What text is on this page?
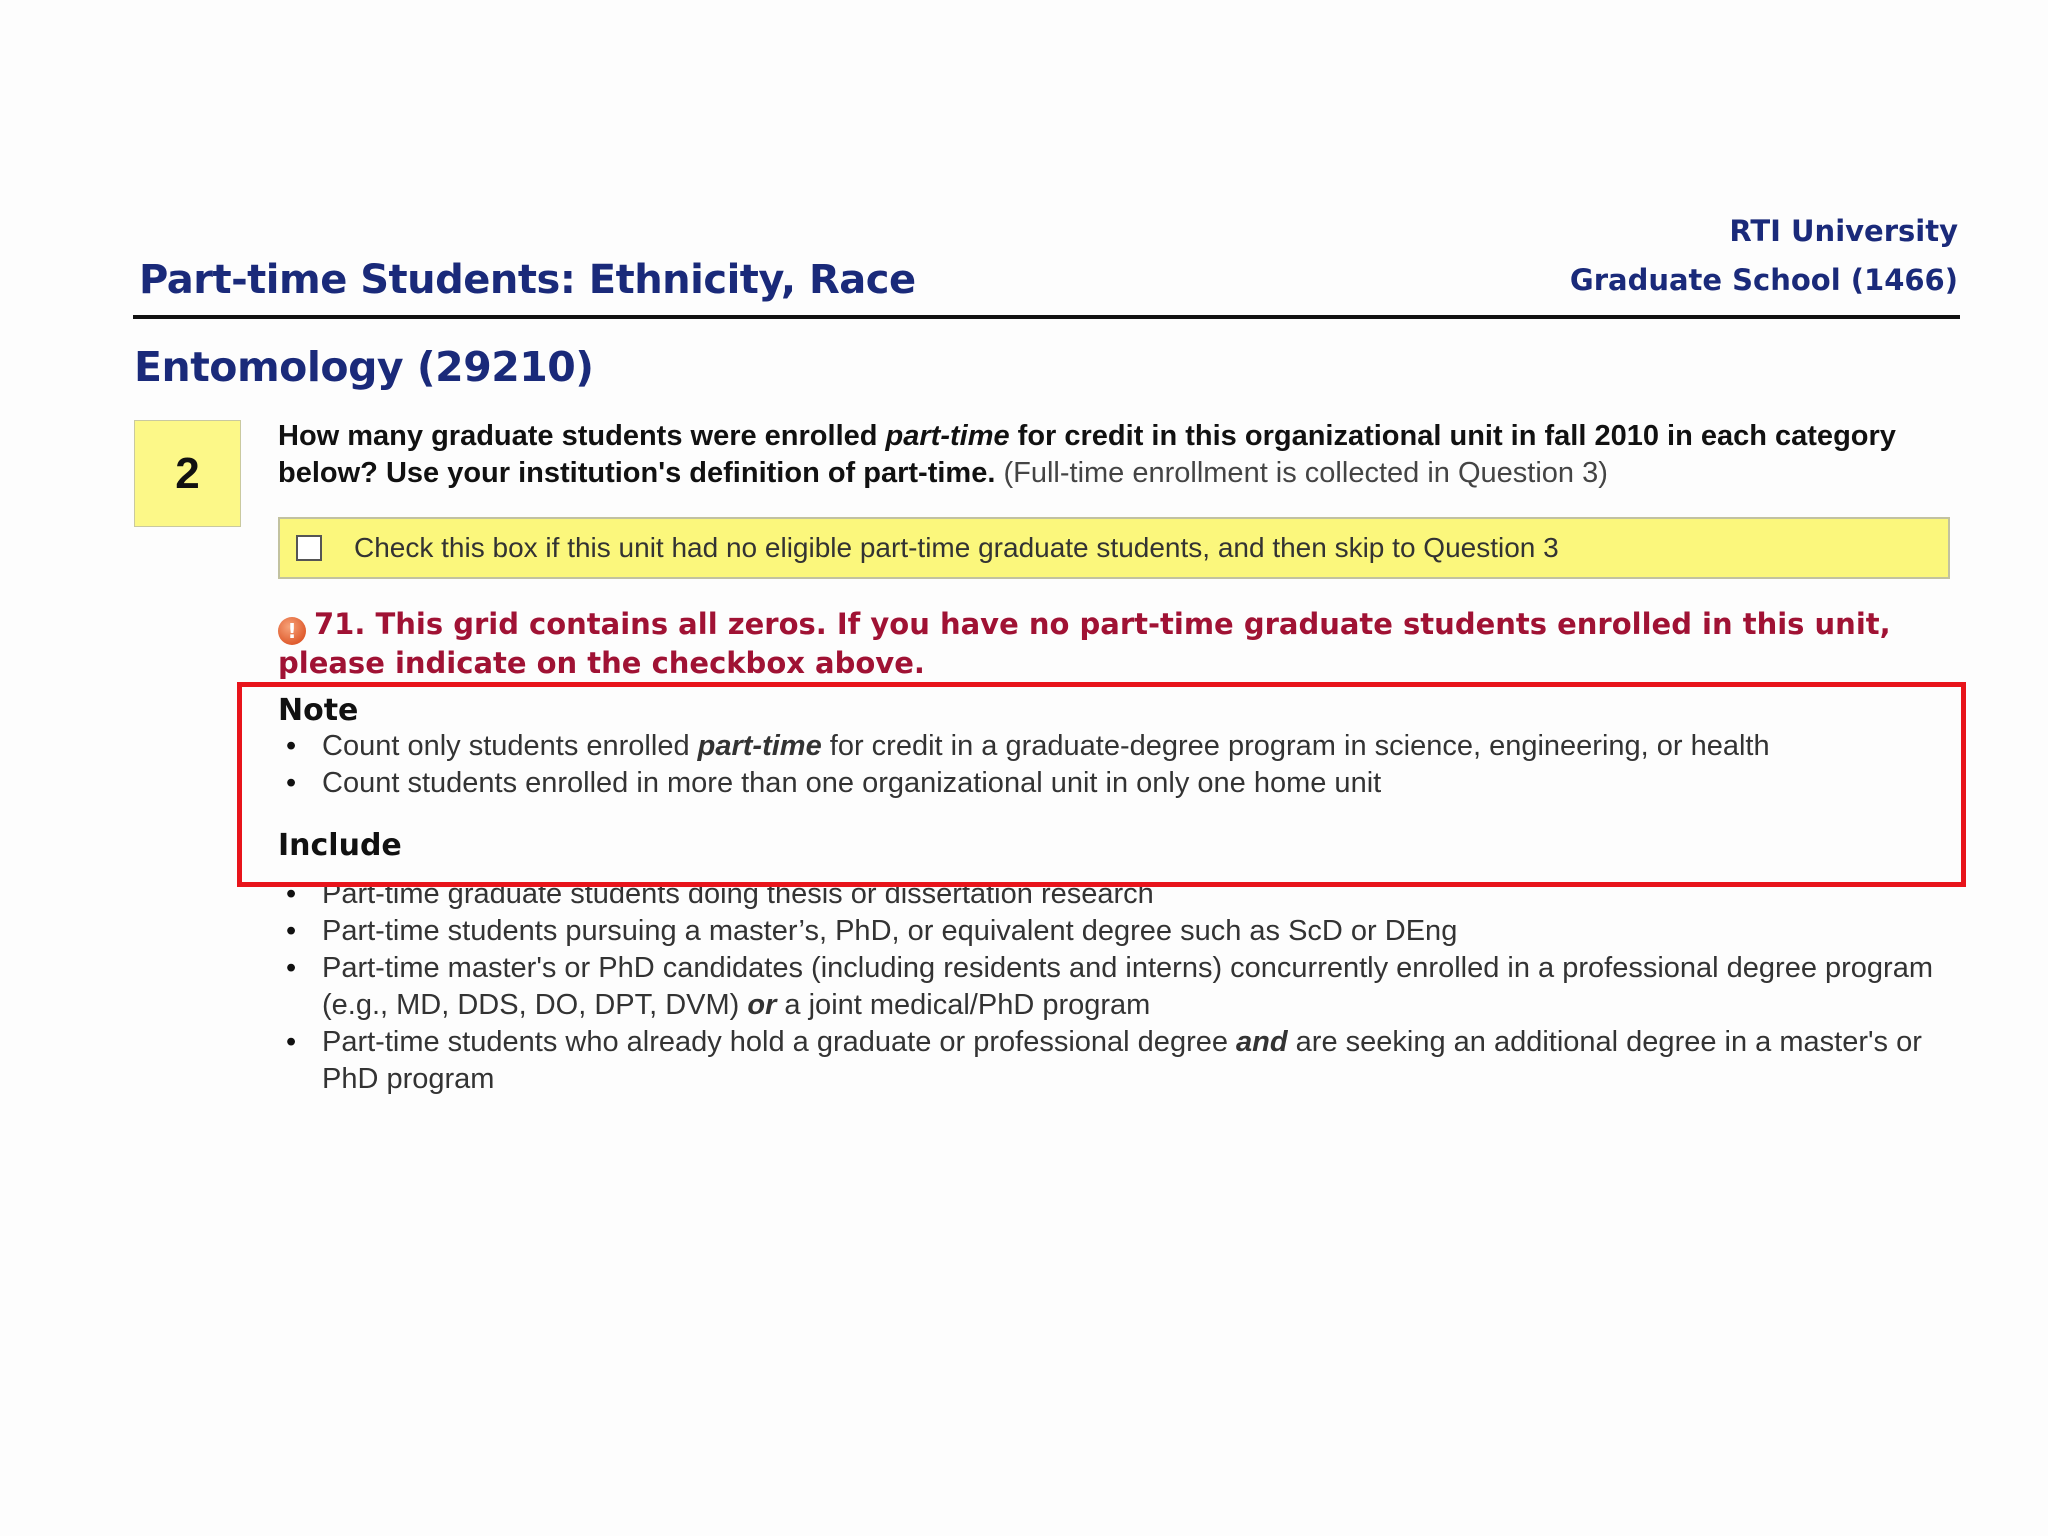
Part-time Students: Ethnicity, Race
RTI University
Graduate School (1466)
Entomology (29210)
2
How many graduate students were enrolled part-time for credit in this organizational unit in fall 2010 in each category below? Use your institution's definition of part-time. (Full-time enrollment is collected in Question 3)
Check this box if this unit had no eligible part-time graduate students, and then skip to Question 3
! 71. This grid contains all zeros. If you have no part-time graduate students enrolled in this unit, please indicate on the checkbox above.
Note
• Count only students enrolled part-time for credit in a graduate-degree program in science, engineering, or health
• Count students enrolled in more than one organizational unit in only one home unit
Include
• Part-time graduate students doing thesis or dissertation research
• Part-time students pursuing a master’s, PhD, or equivalent degree such as ScD or DEng
• Part-time master's or PhD candidates (including residents and interns) concurrently enrolled in a professional degree program (e.g., MD, DDS, DO, DPT, DVM) or a joint medical/PhD program
• Part-time students who already hold a graduate or professional degree and are seeking an additional degree in a master's or PhD program
